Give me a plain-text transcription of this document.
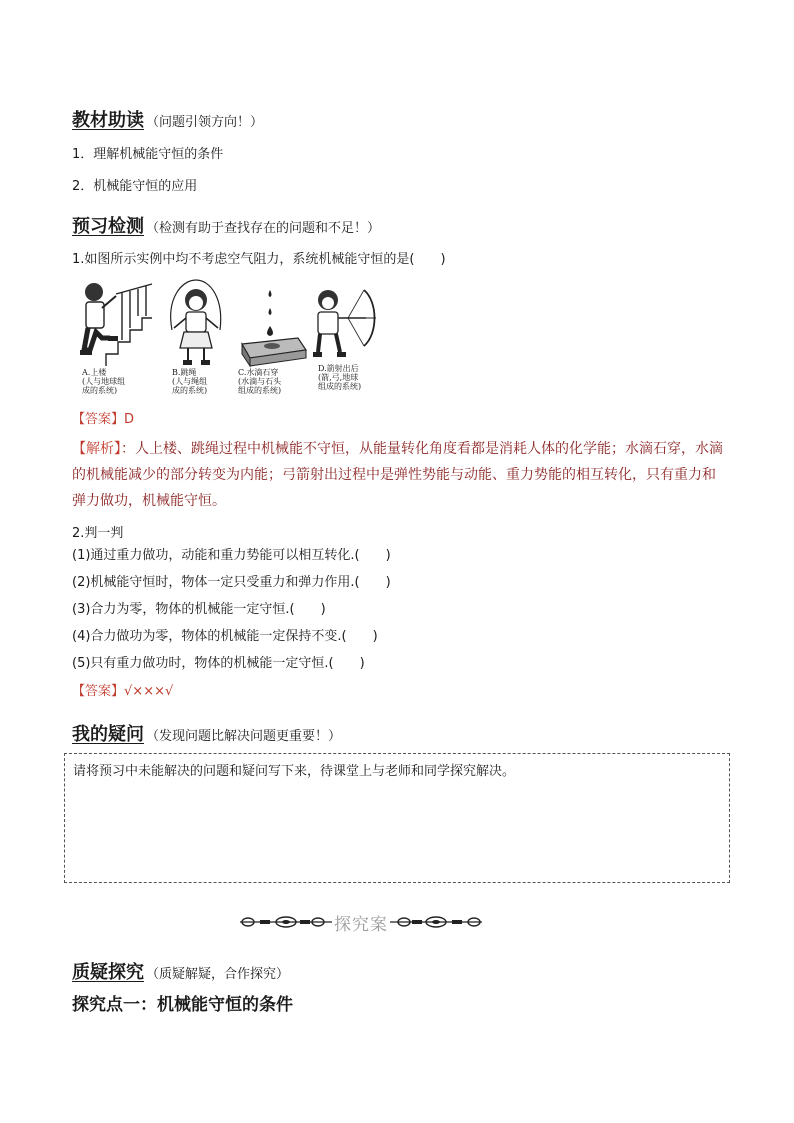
教材助读 （问题引领方向！）
1．理解机械能守恒的条件
2．机械能守恒的应用
预习检测 （检测有助于查找存在的问题和不足！）
1.如图所示实例中均不考虑空气阻力，系统机械能守恒的是(　　)
A.上楼
(人与地球组
成的系统)
B.跳绳
(人与绳组
成的系统)
C.水滴石穿
(水滴与石头
组成的系统)
D.箭射出后
(箭,弓,地球
组成的系统)
【答案】D
【解析】：人上楼、跳绳过程中机械能不守恒，从能量转化角度看都是消耗人体的化学能；水滴石穿，水滴的机械能减少的部分转变为内能；弓箭射出过程中是弹性势能与动能、重力势能的相互转化，只有重力和弹力做功，机械能守恒。
2.判一判
(1)通过重力做功，动能和重力势能可以相互转化.(　　)
(2)机械能守恒时，物体一定只受重力和弹力作用.(　　)
(3)合力为零，物体的机械能一定守恒.(　　)
(4)合力做功为零，物体的机械能一定保持不变.(　　)
(5)只有重力做功时，物体的机械能一定守恒.(　　)
【答案】√×××√
我的疑问 （发现问题比解决问题更重要！）
请将预习中未能解决的问题和疑问写下来，待课堂上与老师和同学探究解决。
探究案
质疑探究 （质疑解疑，合作探究）
探究点一：机械能守恒的条件
